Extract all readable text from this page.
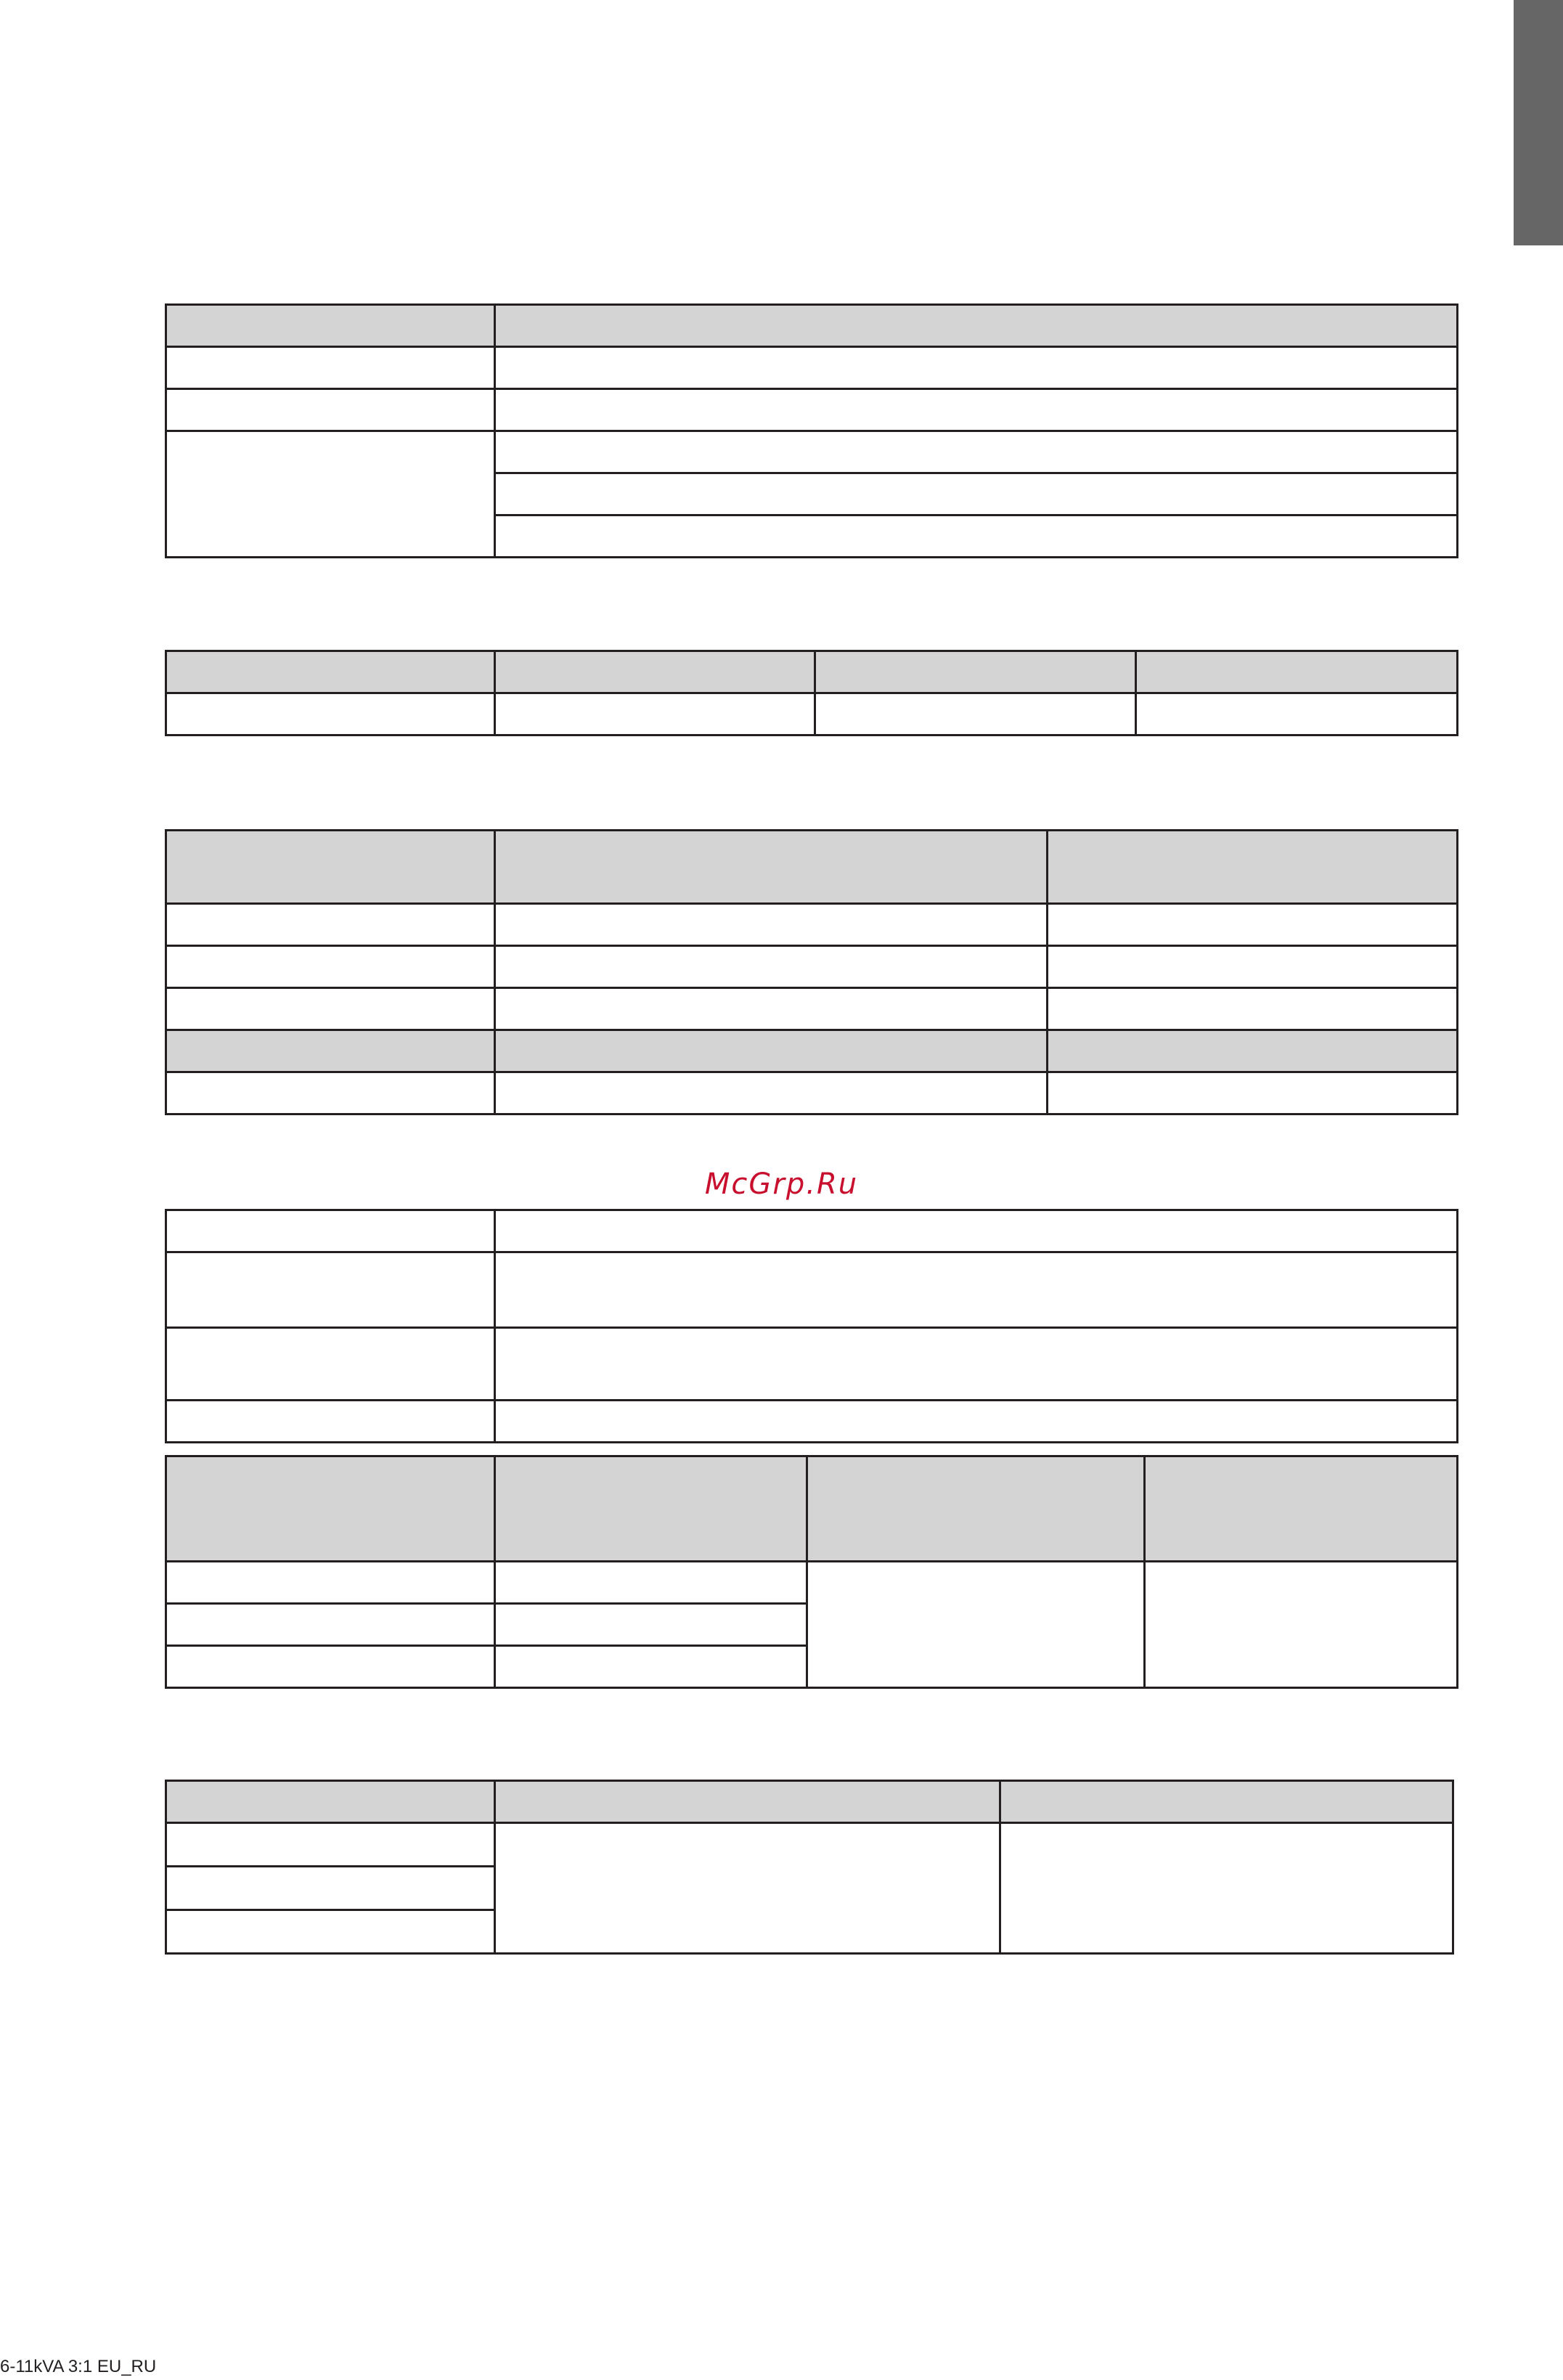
McGrp.Ru

6-11kVA 3:1 EU_RU
